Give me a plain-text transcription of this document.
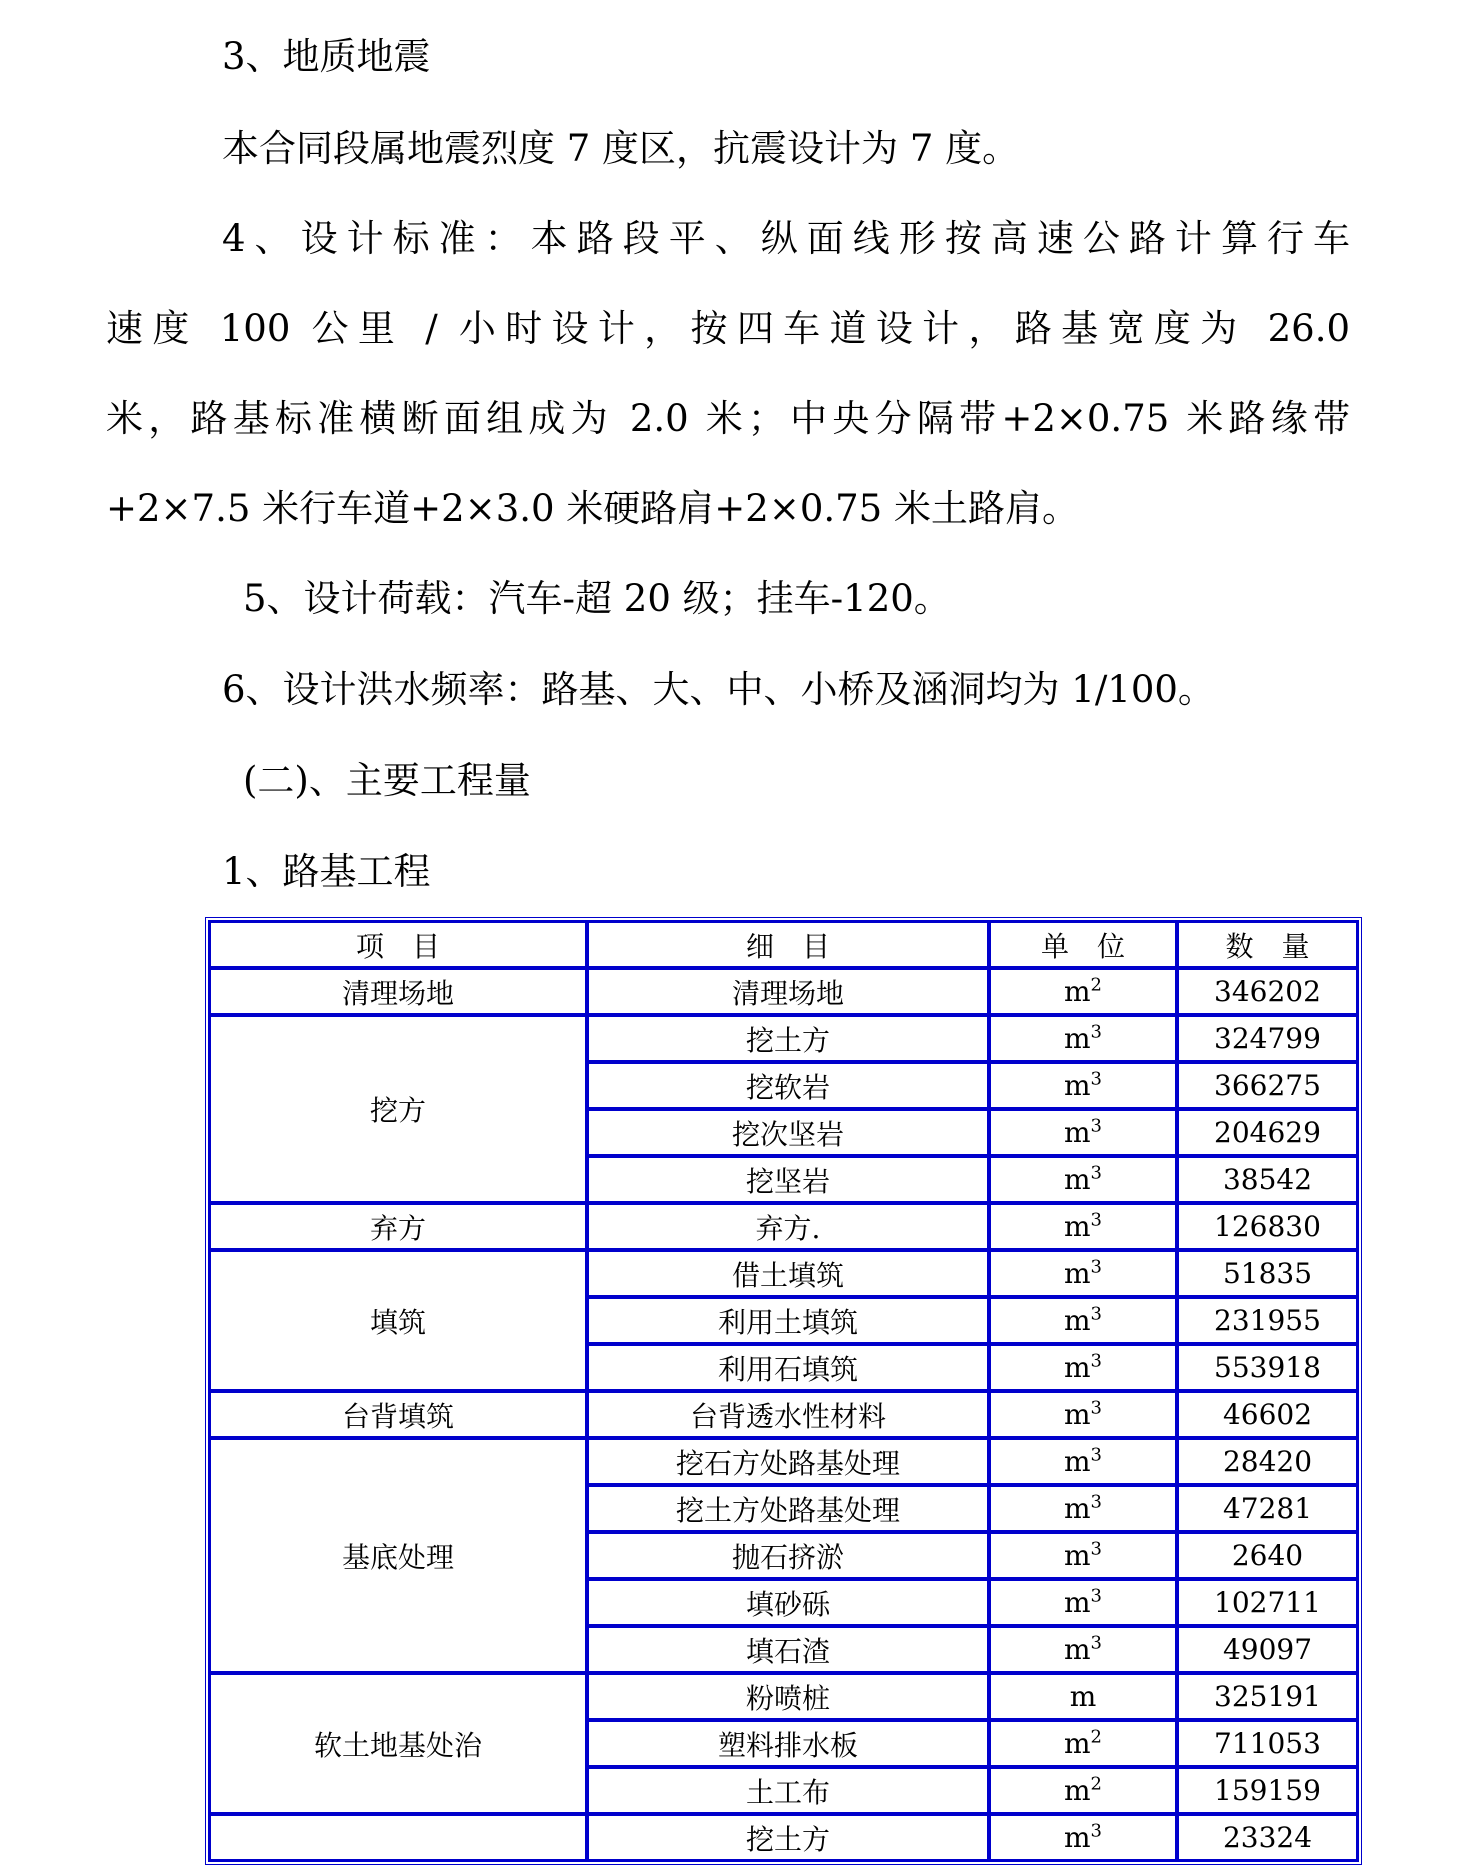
3、地质地震
本合同段属地震烈度 7 度区，抗震设计为 7 度。
4、设计标准：本路段平、纵面线形按高速公路计算行车
速度 100 公里 / 小时设计，按四车道设计，路基宽度为 26.0
米，路基标准横断面组成为 2.0 米；中央分隔带+2×0.75 米路缘带
+2×7.5 米行车道+2×3.0 米硬路肩+2×0.75 米土路肩。
5、设计荷载：汽车-超 20 级；挂车-120。
6、设计洪水频率：路基、大、中、小桥及涵洞均为 1/100。
(二)、主要工程量
1、路基工程
项　目	细　目	单　位	数　量
清理场地	清理场地	$m^2$	346202
挖方	挖土方	$m^3$	324799
	挖软岩	$m^3$	366275
	挖次坚岩	$m^3$	204629
	挖坚岩	$m^3$	38542
弃方	弃方.	$m^3$	126830
填筑	借土填筑	$m^3$	51835
	利用土填筑	$m^3$	231955
	利用石填筑	$m^3$	553918
台背填筑	台背透水性材料	$m^3$	46602
基底处理	挖石方处路基处理	$m^3$	28420
	挖土方处路基处理	$m^3$	47281
	抛石挤淤	$m^3$	2640
	填砂砾	$m^3$	102711
	填石渣	$m^3$	49097
软土地基处治	粉喷桩	m	325191
	塑料排水板	$m^2$	711053
	土工布	$m^2$	159159
	挖土方	$m^3$	23324
